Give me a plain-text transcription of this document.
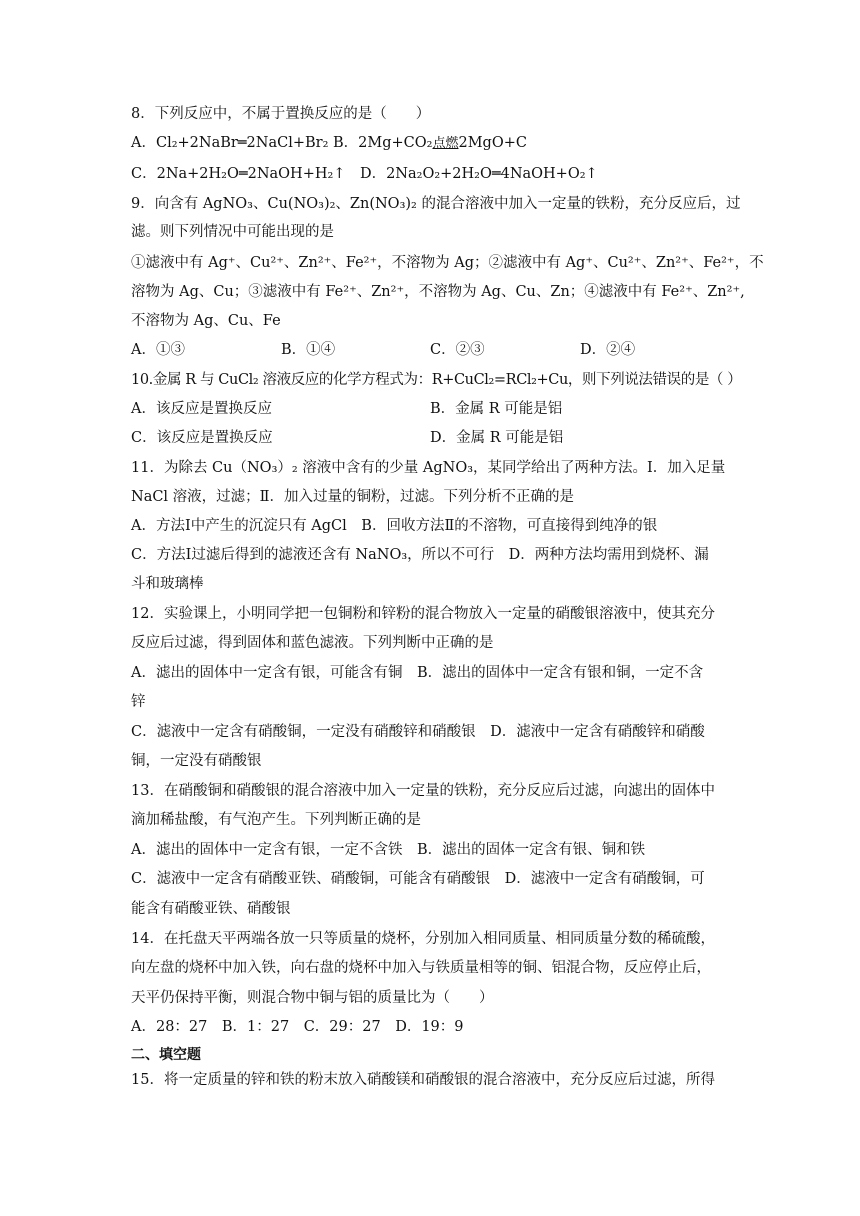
8．下列反应中，不属于置换反应的是（　　）
A．Cl₂+2NaBr═2NaCl+Br₂ B．2Mg+CO₂点燃2MgO+C
C．2Na+2H₂O═2NaOH+H₂↑　D．2Na₂O₂+2H₂O═4NaOH+O₂↑
9．向含有 AgNO₃、Cu(NO₃)₂、Zn(NO₃)₂ 的混合溶液中加入一定量的铁粉，充分反应后，过
滤。则下列情况中可能出现的是
①滤液中有 Ag⁺、Cu²⁺、Zn²⁺、Fe²⁺，不溶物为 Ag；②滤液中有 Ag⁺、Cu²⁺、Zn²⁺、Fe²⁺，不
溶物为 Ag、Cu；③滤液中有 Fe²⁺、Zn²⁺，不溶物为 Ag、Cu、Zn；④滤液中有 Fe²⁺、Zn²⁺,
不溶物为 Ag、Cu、Fe
A．①③	B．①④	C．②③	D．②④
10.金属 R 与 CuCl₂ 溶液反应的化学方程式为：R+CuCl₂=RCl₂+Cu，则下列说法错误的是（ ）
A．该反应是置换反应	B．金属 R 可能是铝
C．该反应是置换反应	D．金属 R 可能是铝
11．为除去 Cu（NO₃）₂ 溶液中含有的少量 AgNO₃，某同学给出了两种方法。Ⅰ．加入足量
NaCl 溶液，过滤；Ⅱ．加入过量的铜粉，过滤。下列分析不正确的是
A．方法Ⅰ中产生的沉淀只有 AgCl　B．回收方法Ⅱ的不溶物，可直接得到纯净的银
C．方法Ⅰ过滤后得到的滤液还含有 NaNO₃，所以不可行　D．两种方法均需用到烧杯、漏
斗和玻璃棒
12．实验课上，小明同学把一包铜粉和锌粉的混合物放入一定量的硝酸银溶液中，使其充分
反应后过滤，得到固体和蓝色滤液。下列判断中正确的是
A．滤出的固体中一定含有银，可能含有铜　B．滤出的固体中一定含有银和铜，一定不含
锌
C．滤液中一定含有硝酸铜，一定没有硝酸锌和硝酸银　D．滤液中一定含有硝酸锌和硝酸
铜，一定没有硝酸银
13．在硝酸铜和硝酸银的混合溶液中加入一定量的铁粉，充分反应后过滤，向滤出的固体中
滴加稀盐酸，有气泡产生。下列判断正确的是
A．滤出的固体中一定含有银，一定不含铁　B．滤出的固体一定含有银、铜和铁
C．滤液中一定含有硝酸亚铁、硝酸铜，可能含有硝酸银　D．滤液中一定含有硝酸铜，可
能含有硝酸亚铁、硝酸银
14．在托盘天平两端各放一只等质量的烧杯，分别加入相同质量、相同质量分数的稀硫酸，
向左盘的烧杯中加入铁，向右盘的烧杯中加入与铁质量相等的铜、铝混合物，反应停止后，
天平仍保持平衡，则混合物中铜与铝的质量比为（　　）
A．28：27　B．1：27　C．29：27　D．19：9
二、填空题
15．将一定质量的锌和铁的粉末放入硝酸镁和硝酸银的混合溶液中，充分反应后过滤，所得
